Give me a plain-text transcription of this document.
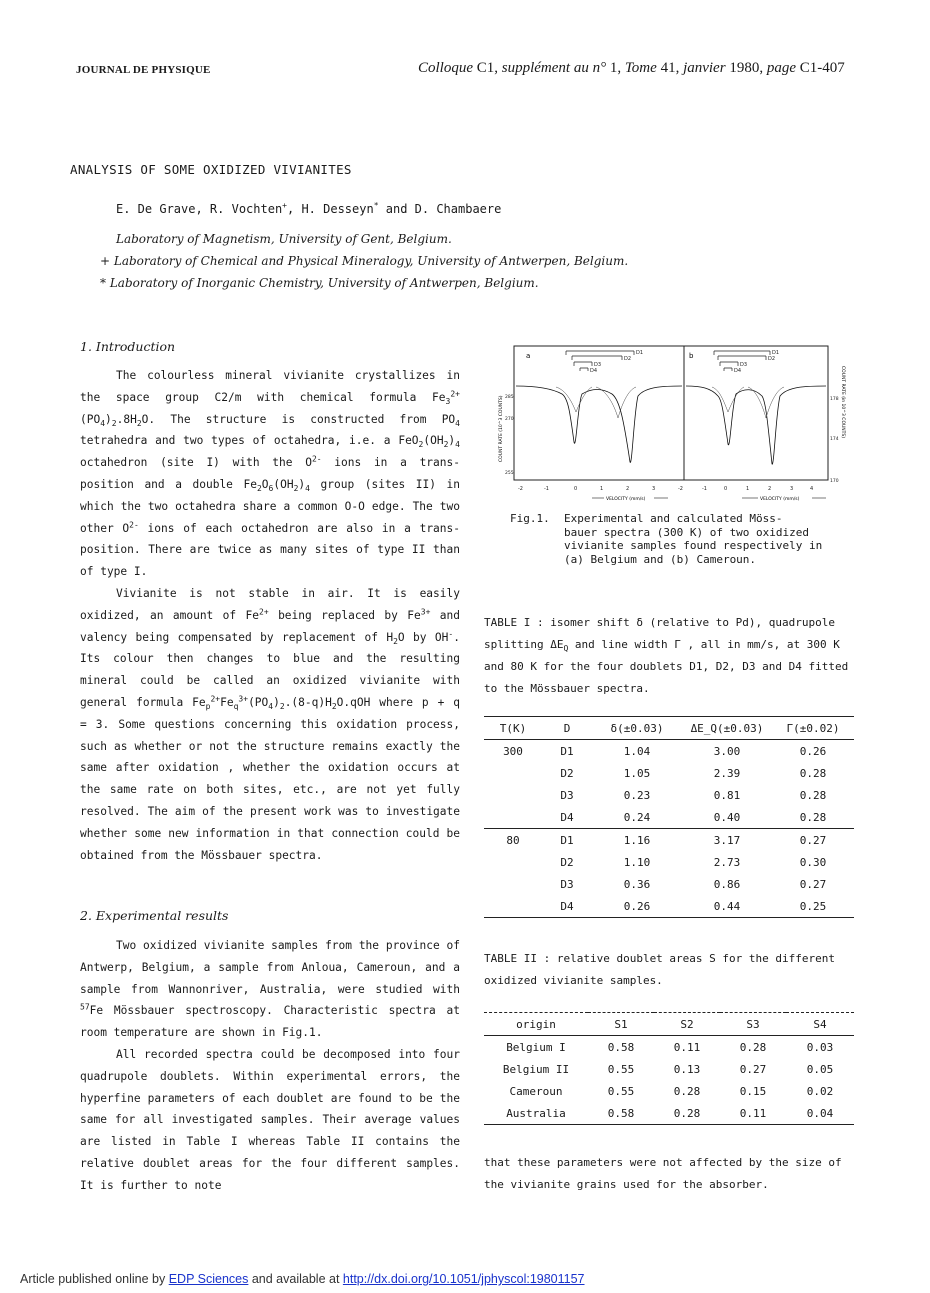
JOURNAL DE PHYSIQUE	Colloque C1, supplément au n° 1, Tome 41, janvier 1980, page C1-407
ANALYSIS OF SOME OXIDIZED VIVIANITES
E. De Grave, R. Vochten+, H. Desseyn* and D. Chambaere
Laboratory of Magnetism, University of Gent, Belgium.
+ Laboratory of Chemical and Physical Mineralogy, University of Antwerpen, Belgium.
* Laboratory of Inorganic Chemistry, University of Antwerpen, Belgium.
1. Introduction

The colourless mineral vivianite crystallizes in the space group C2/m with chemical formula $Fe_3^{2+}(PO_4)_2.8H_2O$. The structure is constructed from $PO_4$ tetrahedra and two types of octahedra, i.e. a $FeO_2(OH_2)_4$ octahedron (site I) with the $O^{2-}$ ions in a trans-position and a double $Fe_2O_6(OH_2)_4$ group (sites II) in which the two octahedra share a common O-O edge. The two other $O^{2-}$ ions of each octahedron are also in a trans-position. There are twice as many sites of type II than of type I.

Vivianite is not stable in air. It is easily oxidized, an amount of $Fe^{2+}$ being replaced by $Fe^{3+}$ and valency being compensated by replacement of $H_2O$ by OH-. Its colour then changes to blue and the resulting mineral could be called an oxidized vivianite with general formula $Fe_p^{2+}Fe_q^{3+}(PO_4)_2.(8-q)H_2O.qOH$ where p + q = 3. Some questions concerning this oxidation process, such as whether or not the structure remains exactly the same after oxidation , whether the oxidation occurs at the same rate on both sites, etc., are not yet fully resolved. The aim of the present work was to investigate whether some new information in that connection could be obtained from the Mössbauer spectra.

2. Experimental results

Two oxidized vivianite samples from the province of Antwerp, Belgium, a sample from Anloua, Cameroun, and a sample from Wannonriver, Australia, were studied with $^{57}$Fe Mössbauer spectroscopy. Characteristic spectra at room temperature are shown in Fig.1.

All recorded spectra could be decomposed into four quadrupole doublets. Within experimental errors, the hyperfine parameters of each doublet are found to be the same for all investigated samples. Their average values are listed in Table I whereas Table II contains the relative doublet areas for the four different samples. It is further to note

a	b
D1
D2
D3
D4
D1
D2
D3
D4
285
270
255
COUNT RATE (10^3 COUNTS)	178
174
170
COUNT RATE (in 10^3 COUNTS)
-2	-1	0	1	2	3	-2	-1	0	1	2	3	4
VELOCITY (mm/s)	VELOCITY (mm/s)
Fig.1. Experimental and calculated Möss-
bauer spectra (300 K) of two oxidized vivianite samples found respectively in (a) Belgium and (b) Cameroun.
TABLE I : isomer shift δ (relative to Pd), quadrupole splitting $\Delta E_Q$ and line width Γ , all in mm/s, at 300 K and 80 K for the four doublets D1, D2, D3 and D4 fitted to the Mössbauer spectra.
T(K)	D	δ(±0.03)	ΔE_Q(±0.03)	Γ(±0.02)
300	D1	1.04	3.00	0.26
	D2	1.05	2.39	0.28
	D3	0.23	0.81	0.28
	D4	0.24	0.40	0.28
80	D1	1.16	3.17	0.27
	D2	1.10	2.73	0.30
	D3	0.36	0.86	0.27
	D4	0.26	0.44	0.25
TABLE II : relative doublet areas S for the different oxidized vivianite samples.
origin	S1	S2	S3	S4
Belgium I	0.58	0.11	0.28	0.03
Belgium II	0.55	0.13	0.27	0.05
Cameroun	0.55	0.28	0.15	0.02
Australia	0.58	0.28	0.11	0.04
that these parameters were not affected by the size of the vivianite grains used for the absorber.
Article published online by EDP Sciences and available at http://dx.doi.org/10.1051/jphyscol:19801157
